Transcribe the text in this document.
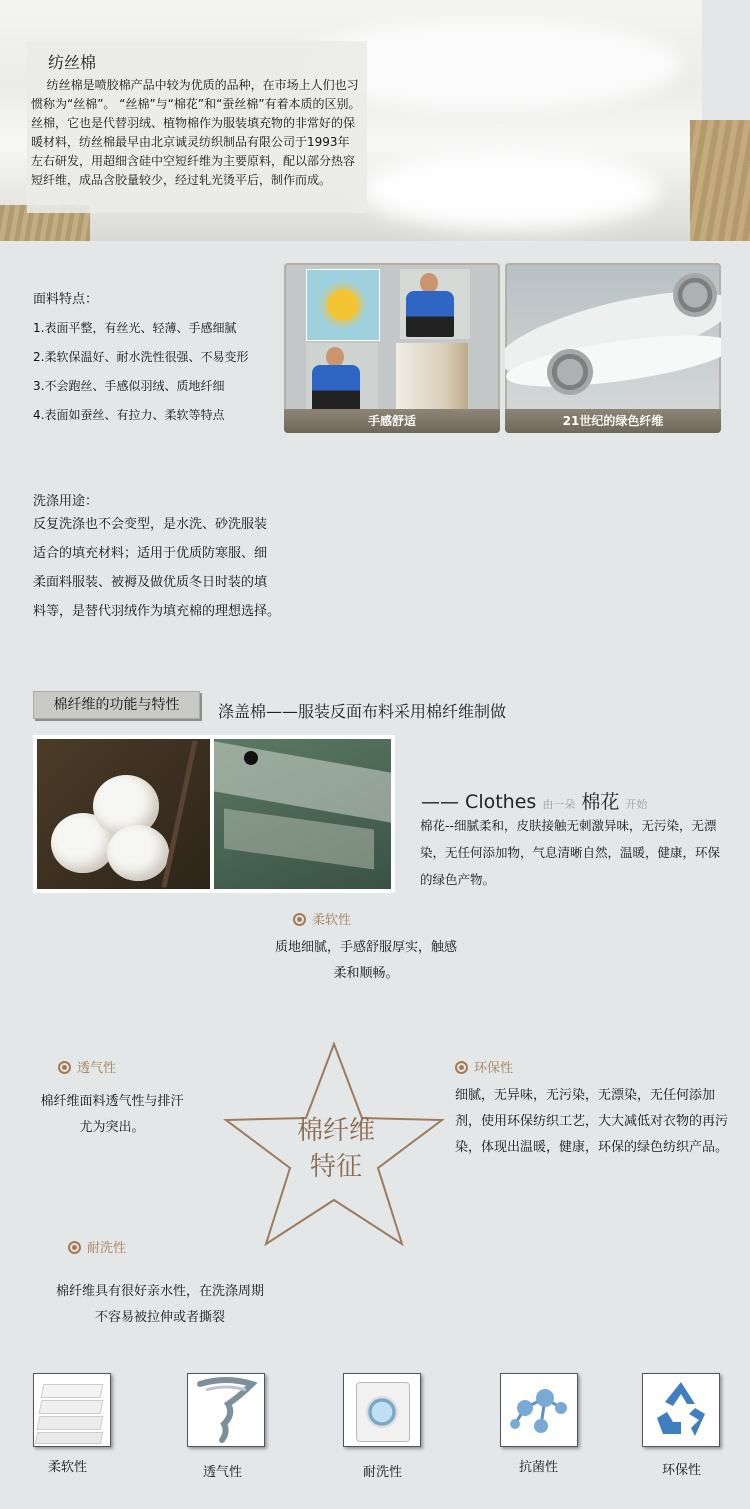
纺丝棉
纺丝棉是喷胶棉产品中较为优质的品种，在市场上人们也习惯称为“丝棉”。 “丝棉”与“棉花”和“蚕丝棉”有着本质的区别。丝棉，它也是代替羽绒、植物棉作为服装填充物的非常好的保暖材料，纺丝棉最早由北京诚灵纺织制品有限公司于1993年左右研发，用超细含硅中空短纤维为主要原料，配以部分热容短纤维，成品含胶量较少，经过轧光烫平后，制作而成。
面料特点：
1.表面平整，有丝光、轻薄、手感细腻
2.柔软保温好、耐水洗性很强、不易变形
3.不会跑丝、手感似羽绒、质地纤细
4.表面如蚕丝、有拉力、柔软等特点	手感舒适	21世纪的绿色纤维
洗涤用途：
反复洗涤也不会变型，是水洗、砂洗服装
适合的填充材料；适用于优质防寒服、细
柔面料服装、被褥及做优质冬日时装的填
料等，是替代羽绒作为填充棉的理想选择。
棉纤维的功能与特性	涤盖棉——服装反面布料采用棉纤维制做
—— Clothes 由一朵 棉花 开始
棉花--细腻柔和，皮肤接触无刺激异味，无污染，无漂染，无任何添加物，气息清晰自然，温暖，健康，环保的绿色产物。
柔软性
质地细腻，手感舒服厚实，触感
柔和顺畅。
棉纤维
特征
透气性
棉纤维面料透气性与排汗
尤为突出。
环保性
细腻，无异味，无污染，无漂染，无任何添加剂，使用环保纺织工艺，大大减低对衣物的再污染，体现出温暖，健康，环保的绿色纺织产品。
耐洗性
棉纤维具有很好亲水性，在洗涤周期
不容易被拉伸或者撕裂
柔软性	透气性	耐洗性	抗菌性	环保性
